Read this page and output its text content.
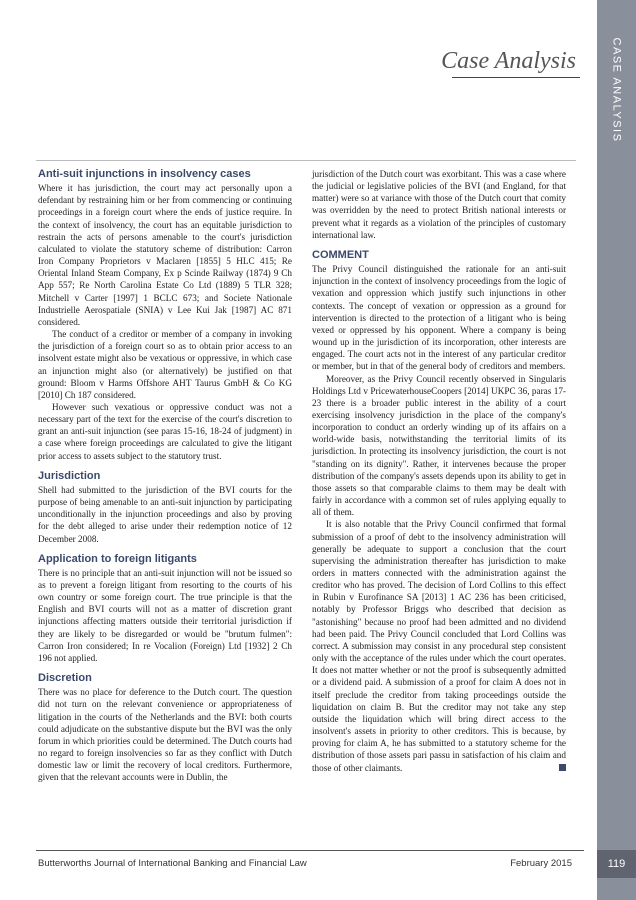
CASE ANALYSIS
Case Analysis
Anti-suit injunctions in insolvency cases

Where it has jurisdiction, the court may act personally upon a defendant by restraining him or her from commencing or continuing proceedings in a foreign court where the ends of justice require. In the context of insolvency, the court has an equitable jurisdiction to restrain the acts of persons amenable to the court's jurisdiction calculated to violate the statutory scheme of distribution: Carron Iron Company Proprietors v Maclaren [1855] 5 HLC 415; Re Oriental Inland Steam Company, Ex p Scinde Railway (1874) 9 Ch App 557; Re North Carolina Estate Co Ltd (1889) 5 TLR 328; Mitchell v Carter [1997] 1 BCLC 673; and Societe Nationale Industrielle Aerospatiale (SNIA) v Lee Kui Jak [1987] AC 871 considered.

The conduct of a creditor or member of a company in invoking the jurisdiction of a foreign court so as to obtain prior access to an insolvent estate might also be vexatious or oppressive, in which case an injunction might also (or alternatively) be justified on that ground: Bloom v Harms Offshore AHT Taurus GmbH & Co KG [2010] Ch 187 considered.

However such vexatious or oppressive conduct was not a necessary part of the text for the exercise of the court's discretion to grant an anti-suit injunction (see paras 15-16, 18-24 of judgment) in a case where foreign proceedings are calculated to give the litigant prior access to assets subject to the statutory trust.

Jurisdiction

Shell had submitted to the jurisdiction of the BVI courts for the purpose of being amenable to an anti-suit injunction by participating unconditionally in the injunction proceedings and also by proving for the debt alleged to arise under their redemption notice of 12 December 2008.

Application to foreign litigants

There is no principle that an anti-suit injunction will not be issued so as to prevent a foreign litigant from resorting to the courts of his own country or some foreign court. The true principle is that the English and BVI courts will not as a matter of discretion grant injunctions affecting matters outside their territorial jurisdiction if they are likely to be disregarded or would be "brutum fulmen": Carron Iron considered; In re Vocalion (Foreign) Ltd [1932] 2 Ch 196 not applied.

Discretion

There was no place for deference to the Dutch court. The question did not turn on the relevant convenience or appropriateness of litigation in the courts of the Netherlands and the BVI: both courts could adjudicate on the substantive dispute but the BVI was the only forum in which priorities could be determined. The Dutch courts had no regard to foreign insolvencies so far as they conflict with Dutch domestic law or limit the recovery of local creditors. Furthermore, given that the relevant accounts were in Dublin, the

jurisdiction of the Dutch court was exorbitant. This was a case where the judicial or legislative policies of the BVI (and England, for that matter) were so at variance with those of the Dutch court that comity was overridden by the need to protect British national interests or prevent what it regards as a violation of the principles of customary international law.

COMMENT

The Privy Council distinguished the rationale for an anti-suit injunction in the context of insolvency proceedings from the logic of vexation and oppression which justify such injunctions in other contexts. The concept of vexation or oppression as a ground for intervention is directed to the protection of a litigant who is being vexed or oppressed by his opponent. Where a company is being wound up in the jurisdiction of its incorporation, other interests are engaged. The court acts not in the interest of any particular creditor or member, but in that of the general body of creditors and members.

Moreover, as the Privy Council recently observed in Singularis Holdings Ltd v PricewaterhouseCoopers [2014] UKPC 36, paras 17-23 there is a broader public interest in the ability of a court exercising insolvency jurisdiction in the place of the company's incorporation to conduct an orderly winding up of its affairs on a world-wide basis, notwithstanding the territorial limits of its jurisdiction. In protecting its insolvency jurisdiction, the court is not "standing on its dignity". Rather, it intervenes because the proper distribution of the company's assets depends upon its ability to get in those assets so that comparable claims to them may be dealt with fairly in accordance with a common set of rules applying equally to all of them.

It is also notable that the Privy Council confirmed that formal submission of a proof of debt to the insolvency administration will generally be adequate to support a conclusion that the court supervising the administration thereafter has jurisdiction to make orders in matters connected with the administration against the creditor who has proved. The decision of Lord Collins to this effect in Rubin v Eurofinance SA [2013] 1 AC 236 has been criticised, notably by Professor Briggs who described that decision as "astonishing" because no proof had been admitted and no dividend had been paid. The Privy Council concluded that Lord Collins was correct. A submission may consist in any procedural step consistent only with the acceptance of the rules under which the court operates. It does not matter whether or not the proof is subsequently admitted or a dividend paid. A submission of a proof for claim A does not in itself preclude the creditor from taking proceedings outside the liquidation on claim B. But the creditor may not take any step outside the liquidation which will bring direct access to the insolvent's assets in priority to other creditors. This is because, by proving for claim A, he has submitted to a statutory scheme for the distribution of those assets pari passu in satisfaction of his claim and those of other claimants.

Butterworths Journal of International Banking and Financial Law	February 2015	119
